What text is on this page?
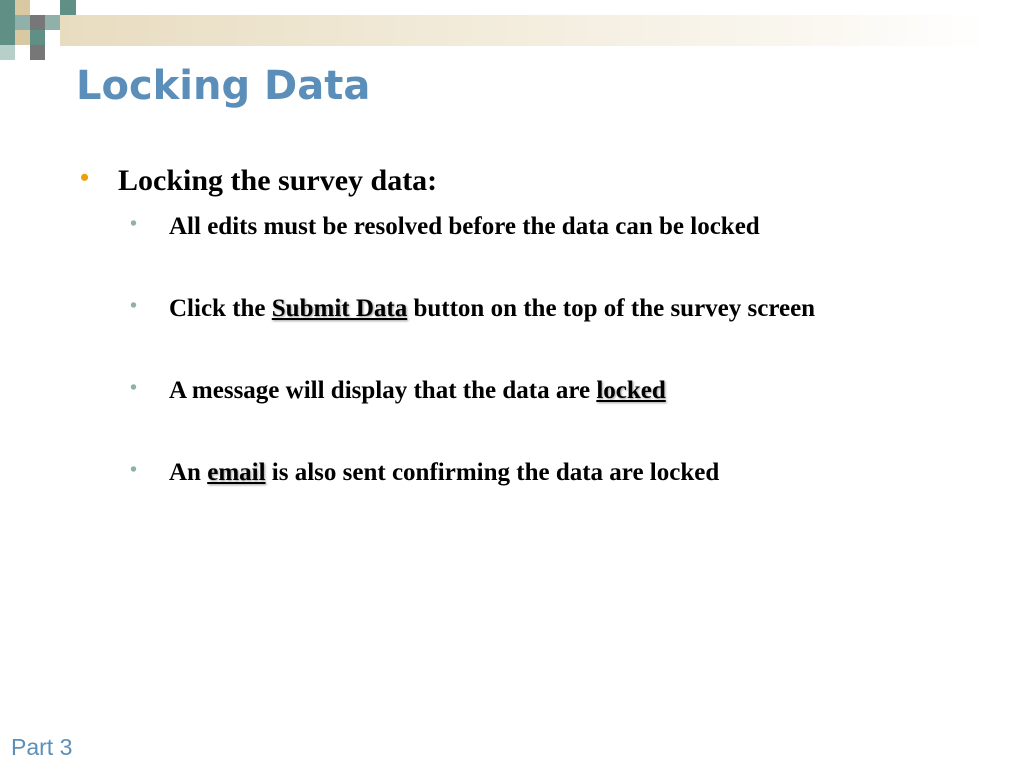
Locking Data

• Locking the survey data:

• All edits must be resolved before the data can be locked

• Click the Submit Data button on the top of the survey screen

• A message will display that the data are locked

• An email is also sent confirming the data are locked

Part 3
